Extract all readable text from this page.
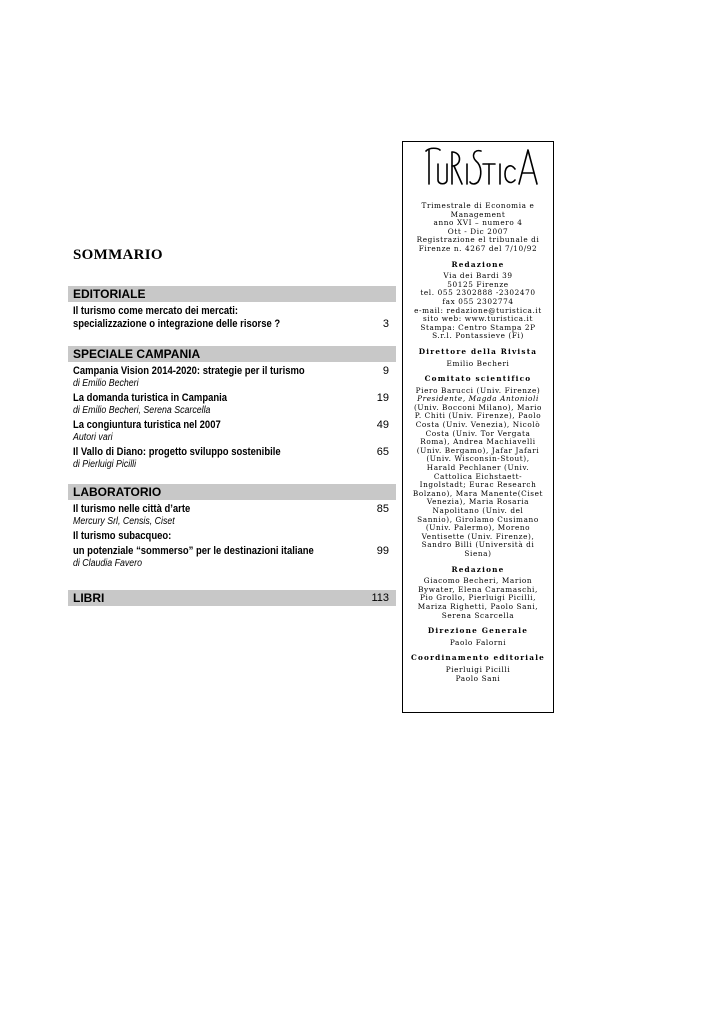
SOMMARIO
EDITORIALE
Il turismo come mercato dei mercati:
specializzazione o integrazione delle risorse ?	3
SPECIALE CAMPANIA
Campania Vision 2014-2020: strategie per il turismo	9
di Emilio Becheri
La domanda turistica in Campania	19
di Emilio Becheri, Serena Scarcella
La congiuntura turistica nel 2007	49
Autori vari
Il Vallo di Diano: progetto sviluppo sostenibile	65
di Pierluigi Picilli
LABORATORIO
Il turismo nelle città d’arte	85
Mercury Srl, Censis, Ciset
Il turismo subacqueo:
un potenziale “sommerso” per le destinazioni italiane	99
di Claudia Favero
LIBRI	113
Trimestrale di Economia e
Management
anno XVI – numero 4
Ott - Dic 2007
Registrazione el tribunale di
Firenze n. 4267 del 7/10/92
Redazione
Via dei Bardi 39
50125 Firenze
tel. 055 2302888 -2302470
fax 055 2302774
e-mail: redazione@turistica.it
sito web: www.turistica.it
Stampa: Centro Stampa 2P
S.r.l. Pontassieve (Fi)
Direttore della Rivista
Emilio Becheri
Comitato scientifico
Piero Barucci (Univ. Firenze)
Presidente, Magda Antonioli
(Univ. Bocconi Milano), Mario
P. Chiti (Univ. Firenze), Paolo
Costa (Univ. Venezia), Nicolò
Costa (Univ. Tor Vergata
Roma), Andrea Machiavelli
(Univ. Bergamo), Jafar Jafari
(Univ. Wisconsin-Stout),
Harald Pechlaner (Univ.
Cattolica Eichstaett-
Ingolstadt; Eurac Research
Bolzano), Mara Manente(Ciset
Venezia), Maria Rosaria
Napolitano (Univ. del
Sannio), Girolamo Cusimano
(Univ. Palermo), Moreno
Ventisette (Univ. Firenze),
Sandro Billi (Università di
Siena)
Redazione
Giacomo Becheri, Marion
Bywater, Elena Caramaschi,
Pio Grollo, Pierluigi Picilli,
Mariza Righetti, Paolo Sani,
Serena Scarcella
Direzione Generale
Paolo Falorni
Coordinamento editoriale
Pierluigi Picilli
Paolo Sani
